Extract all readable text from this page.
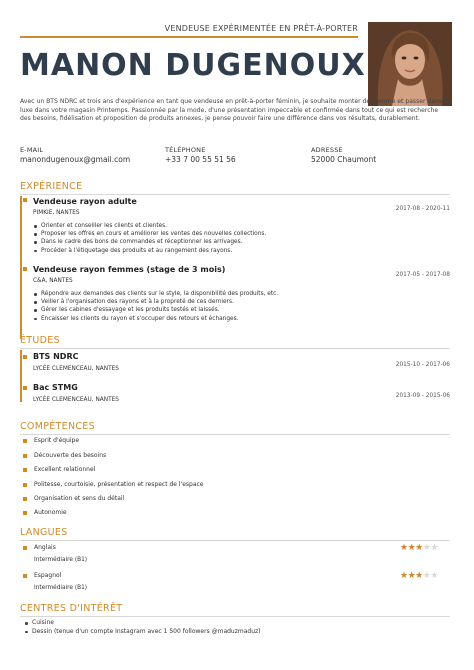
VENDEUSE EXPÉRIMENTÉE EN PRÊT-À-PORTER
MANON DUGENOUX
Avec un BTS NDRC et trois ans d'expérience en tant que vendeuse en prêt-à-porter féminin, je souhaite monter de gamme et passer dans le luxe dans votre magasin Printemps. Passionnée par la mode, d'une présentation impeccable et confirmée dans tout ce qui est recherche des besoins, fidélisation et proposition de produits annexes, je pense pouvoir faire une différence dans vos résultats, durablement.
E-MAIL
manondugenoux@gmail.com
TÉLÉPHONE
+33 7 00 55 51 56
ADRESSE
52000 Chaumont
EXPÉRIENCE
Vendeuse rayon adulte
PIMKIE, NANTES
2017-08 - 2020-11
Orienter et conseiller les clients et clientes.
Proposer les offres en cours et améliorer les ventes des nouvelles collections.
Dans le cadre des bons de commandes et réceptionner les arrivages.
Procéder à l'étiquetage des produits et au rangement des rayons.
Vendeuse rayon femmes (stage de 3 mois)
C&A, NANTES
2017-05 - 2017-08
Répondre aux demandes des clients sur le style, la disponibilité des produits, etc.
Veiller à l'organisation des rayons et à la propreté de ces derniers.
Gérer les cabines d'essayage et les produits testés et laissés.
Encaisser les clients du rayon et s'occuper des retours et échanges.
ÉTUDES
BTS NDRC
LYCÉE CLEMENCEAU, NANTES
2015-10 - 2017-06
Bac STMG
LYCÉE CLEMENCEAU, NANTES
2013-09 - 2015-06
COMPÉTENCES
Esprit d'équipe
Découverte des besoins
Excellent relationnel
Politesse, courtoisie, présentation et respect de l'espace
Organisation et sens du détail
Autonomie
LANGUES
Anglais
Intermédiaire (B1)
★★★★★
Espagnol
Intermédiaire (B1)
★★★★★
CENTRES D'INTÉRÊT
Cuisine
Dessin (tenue d'un compte Instagram avec 1 500 followers @maduzmaduz)
